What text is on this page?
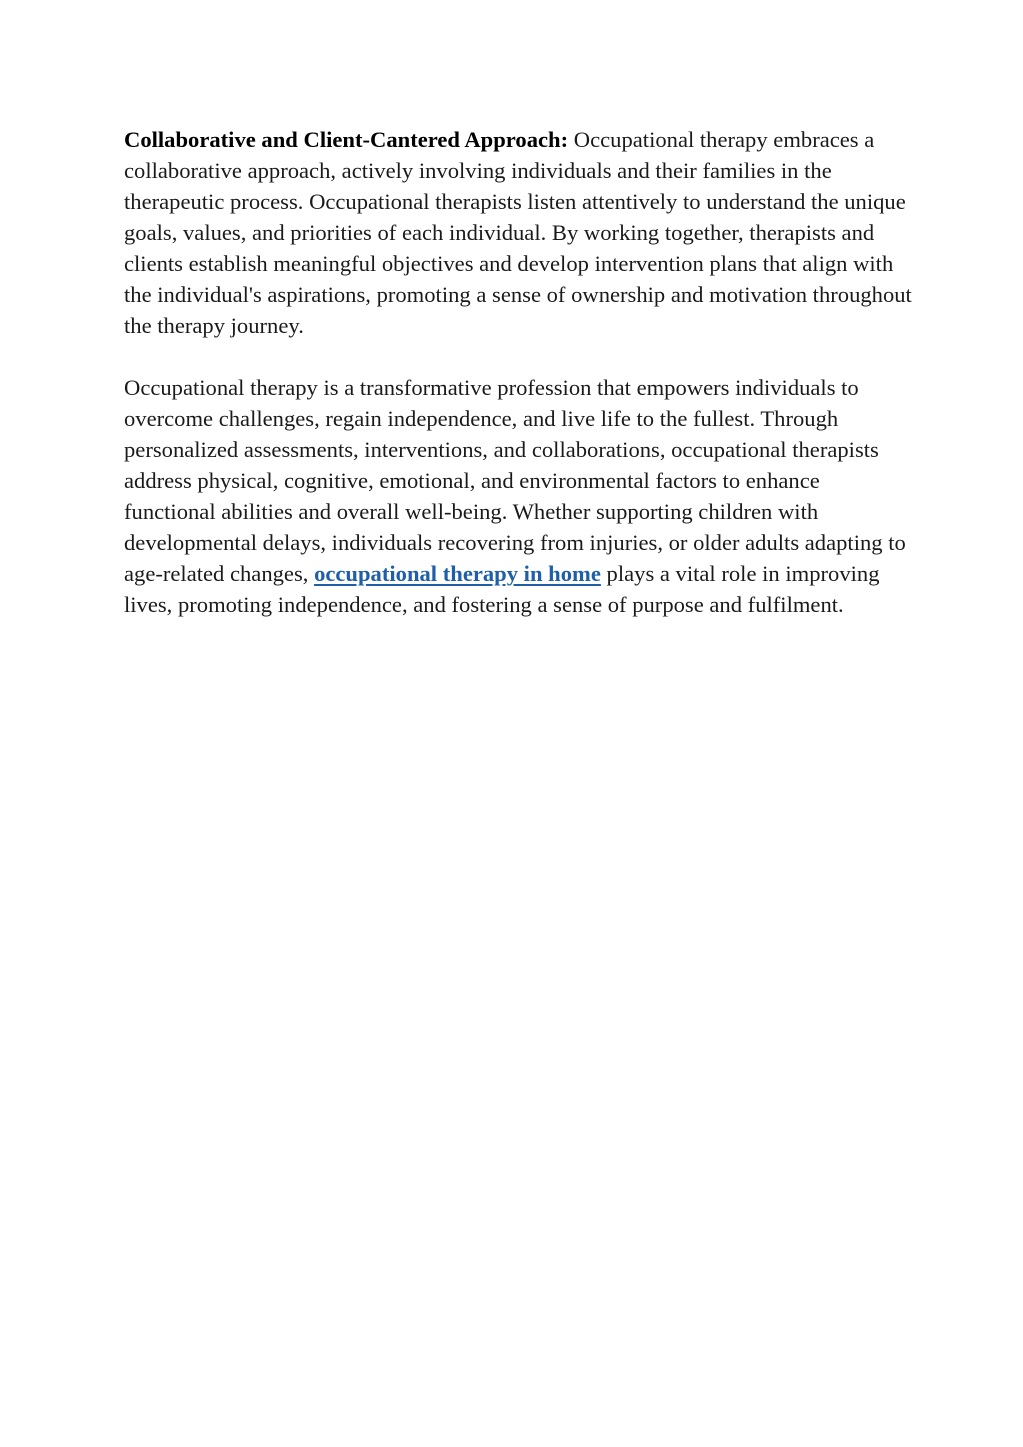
Collaborative and Client-Cantered Approach: Occupational therapy embraces a collaborative approach, actively involving individuals and their families in the therapeutic process. Occupational therapists listen attentively to understand the unique goals, values, and priorities of each individual. By working together, therapists and clients establish meaningful objectives and develop intervention plans that align with the individual's aspirations, promoting a sense of ownership and motivation throughout the therapy journey.

Occupational therapy is a transformative profession that empowers individuals to overcome challenges, regain independence, and live life to the fullest. Through personalized assessments, interventions, and collaborations, occupational therapists address physical, cognitive, emotional, and environmental factors to enhance functional abilities and overall well-being. Whether supporting children with developmental delays, individuals recovering from injuries, or older adults adapting to age-related changes, occupational therapy in home plays a vital role in improving lives, promoting independence, and fostering a sense of purpose and fulfilment.
